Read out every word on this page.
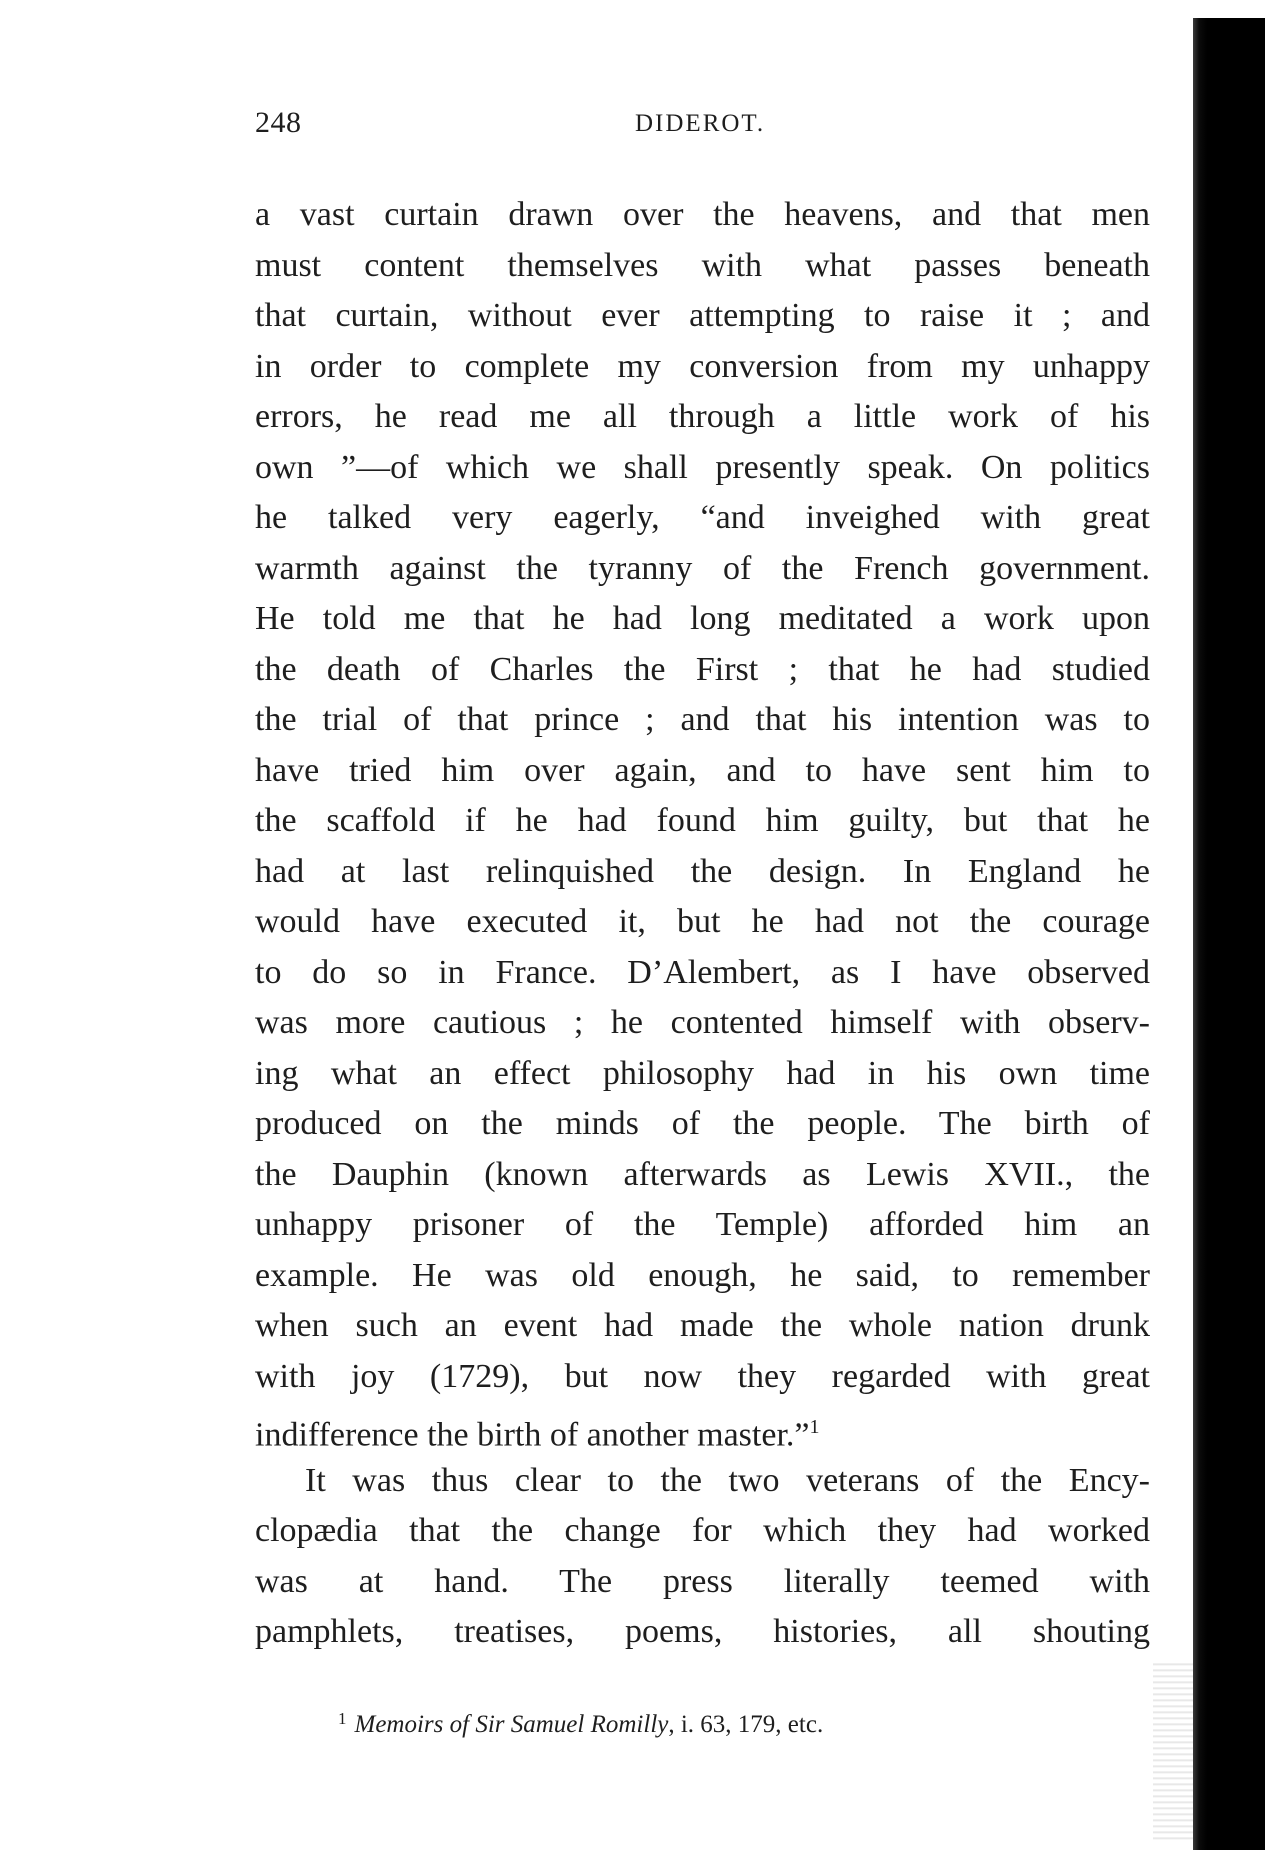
248	DIDEROT.
a vast curtain drawn over the heavens, and that men
must content themselves with what passes beneath
that curtain, without ever attempting to raise it ; and
in order to complete my conversion from my unhappy
errors, he read me all through a little work of his
own ”—of which we shall presently speak. On politics
he talked very eagerly, “and inveighed with great
warmth against the tyranny of the French government.
He told me that he had long meditated a work upon
the death of Charles the First ; that he had studied
the trial of that prince ; and that his intention was to
have tried him over again, and to have sent him to
the scaffold if he had found him guilty, but that he
had at last relinquished the design. In England he
would have executed it, but he had not the courage
to do so in France. D’Alembert, as I have observed
was more cautious ; he contented himself with observ-
ing what an effect philosophy had in his own time
produced on the minds of the people. The birth of
the Dauphin (known afterwards as Lewis XVII., the
unhappy prisoner of the Temple) afforded him an
example. He was old enough, he said, to remember
when such an event had made the whole nation drunk
with joy (1729), but now they regarded with great
indifference the birth of another master.”$^1$
It was thus clear to the two veterans of the Ency-
clopædia that the change for which they had worked
was at hand. The press literally teemed with
pamphlets, treatises, poems, histories, all shouting
$^1$ Memoirs of Sir Samuel Romilly, i. 63, 179, etc.
